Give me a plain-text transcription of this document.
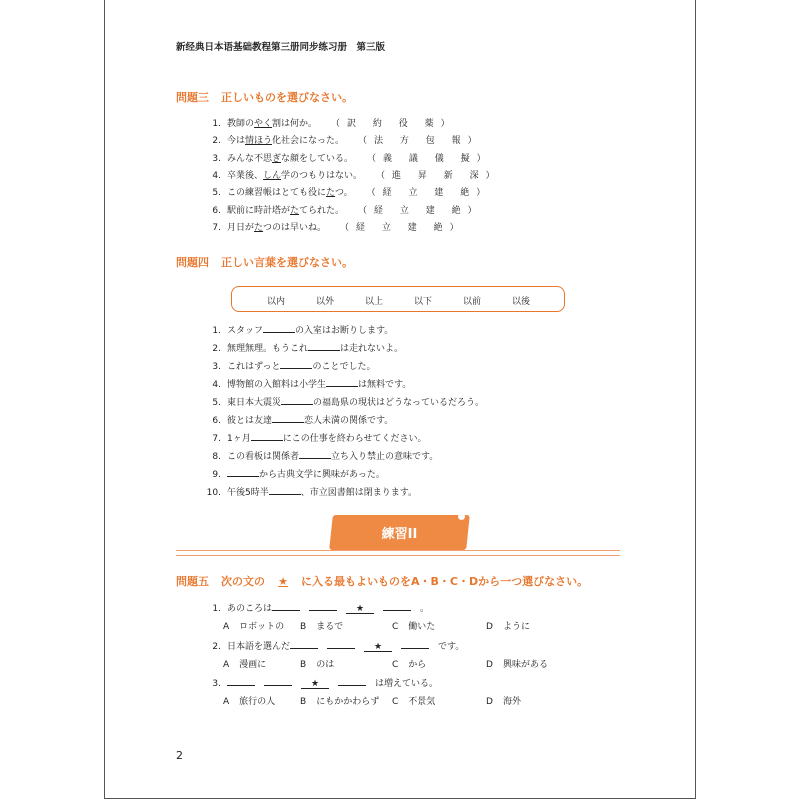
新经典日本语基础教程第三册同步练习册　第三版
問題三 正しいものを選びなさい。
1. 教師のやく割は何か。 （訳 約 役 薬）
2. 今は情ほう化社会になった。 （法 方 包 報）
3. みんな不思ぎな顔をしている。 （義 議 儀 擬）
4. 卒業後、しん学のつもりはない。 （進 昇 新 深）
5. この練習帳はとても役にたつ。 （経 立 建 絶）
6. 駅前に時計塔がたてられた。 （経 立 建 絶）
7. 月日がたつのは早いね。 （経 立 建 絶）
問題四 正しい言葉を選びなさい。
以内	以外	以上	以下	以前	以後
1. スタッフ	の入室はお断りします。
2. 無理無理。もうこれ	は走れないよ。
3. これはずっと	のことでした。
4. 博物館の入館料は小学生	は無料です。
5. 東日本大震災	の福島県の現状はどうなっているだろう。
6. 彼とは友達	恋人未満の関係です。
7. 1ヶ月	にこの仕事を終わらせてください。
8. この看板は関係者	立ち入り禁止の意味です。
9.	から古典文学に興味があった。
10. 午後5時半	、市立図書館は閉まります。
練習II
問題五 次の文の ★ に入る最もよいものをA・B・C・Dから一つ選びなさい。
1. あのころは	★	。
A ロボットの B まるで	C 働いた	D ように
2. 日本語を選んだ	★	です。
A 漫画に	B のは	C から	D 興味がある
3.	★	は増えている。
A 旅行の人	B にもかかわらず C 不景気	D 海外
2
